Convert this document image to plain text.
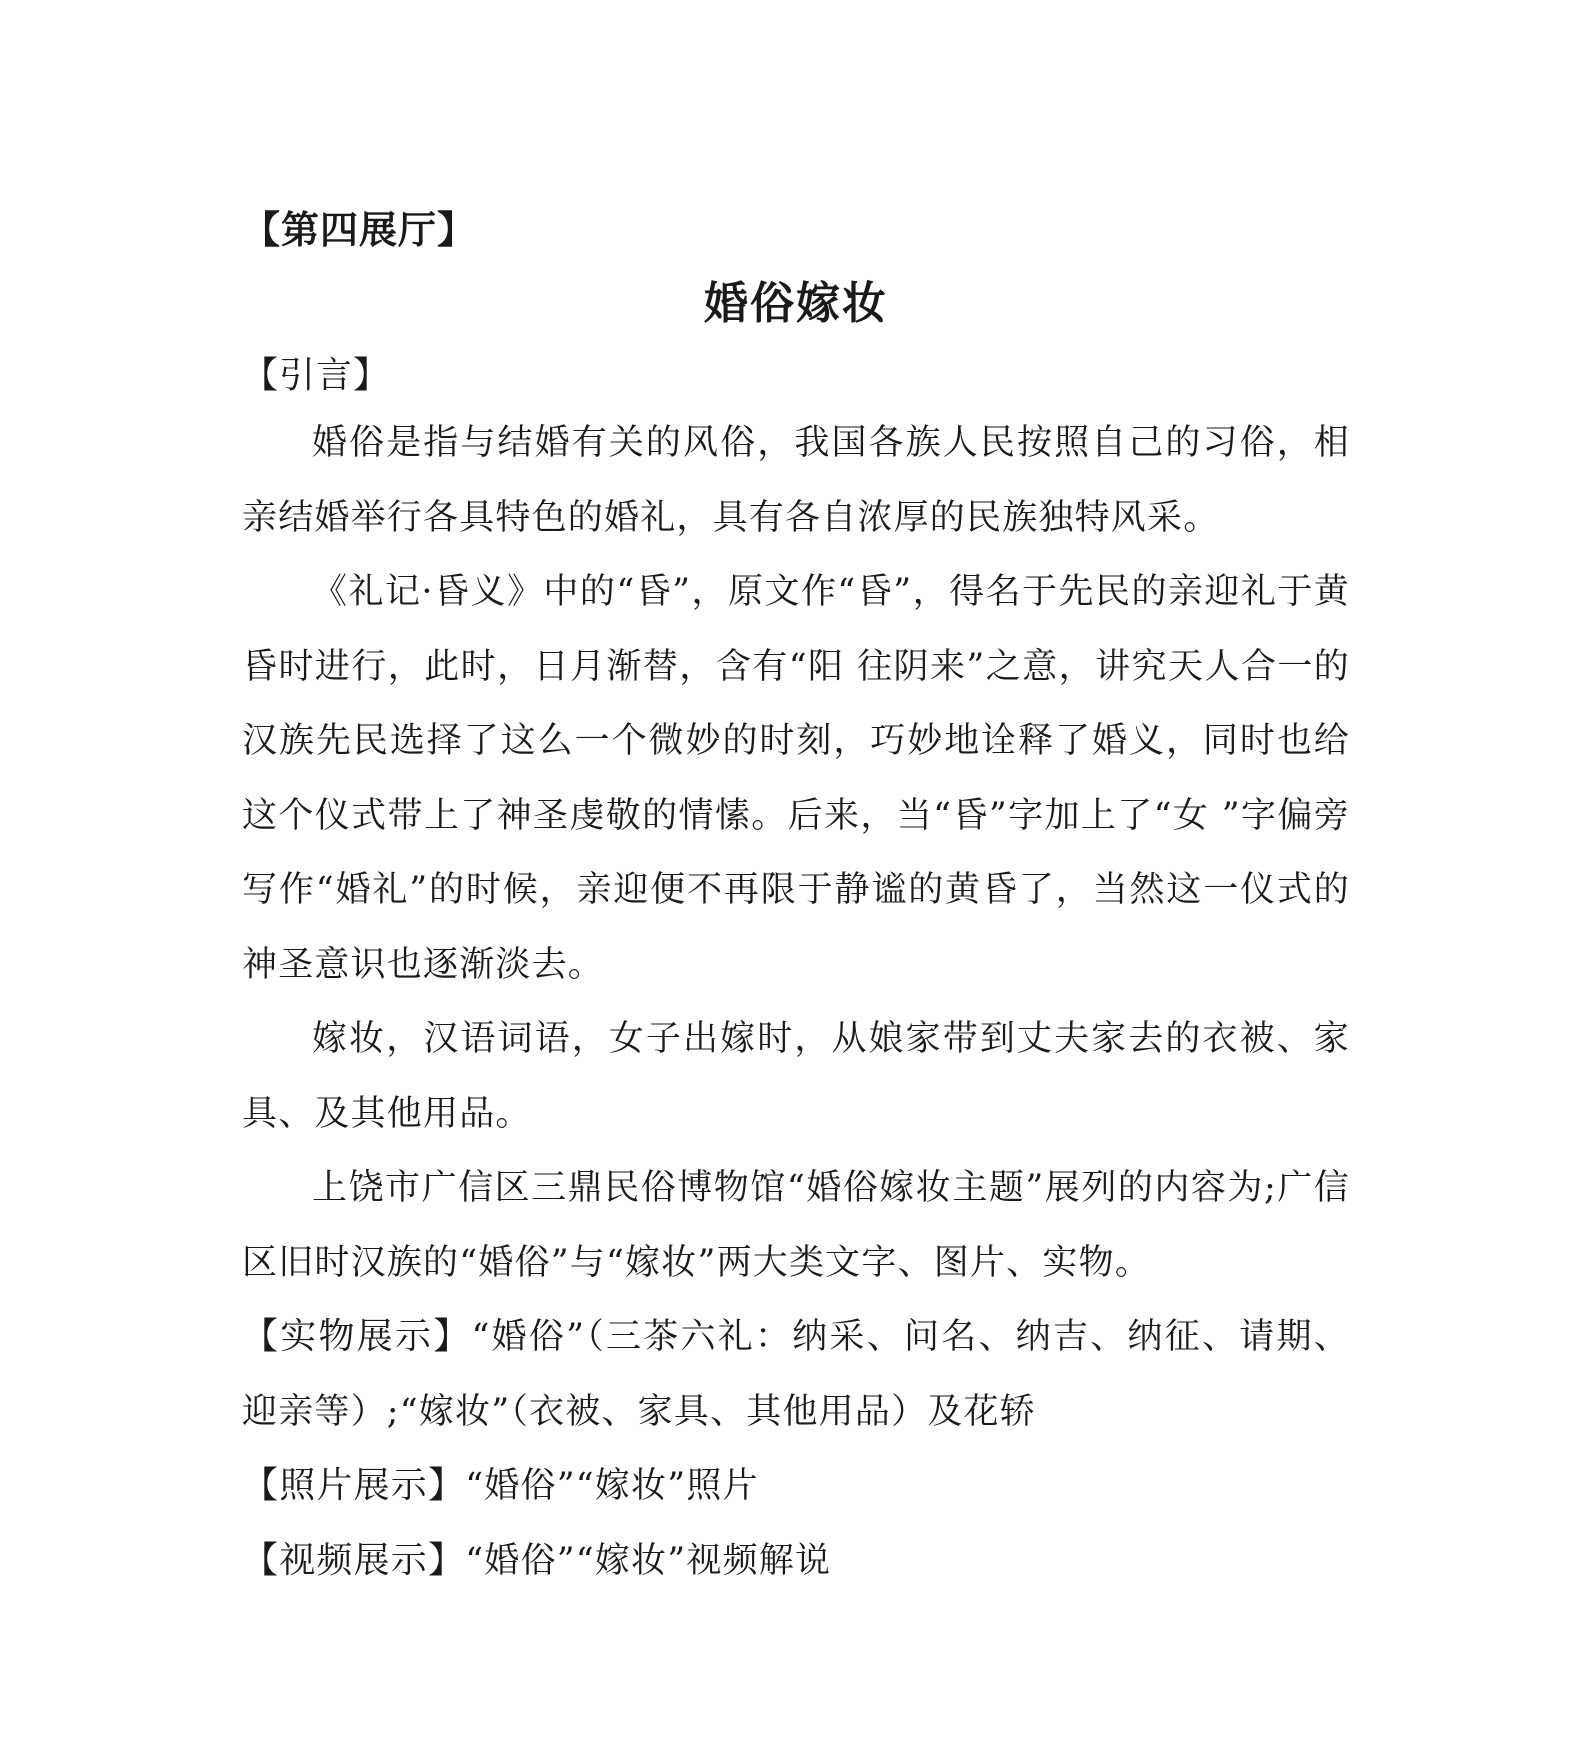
【第四展厅】
婚俗嫁妆
【引言】

婚俗是指与结婚有关的风俗，我国各族人民按照自己的习俗，相亲结婚举行各具特色的婚礼，具有各自浓厚的民族独特风采。

《礼记·昏义》中的“昏”，原文作“昏”，得名于先民的亲迎礼于黄昏时进行，此时，日月渐替，含有“阳 往阴来”之意，讲究天人合一的汉族先民选择了这么一个微妙的时刻，巧妙地诠释了婚义，同时也给这个仪式带上了神圣虔敬的情愫。后来，当“昏”字加上了“女 ”字偏旁写作“婚礼”的时候，亲迎便不再限于静谧的黄昏了，当然这一仪式的神圣意识也逐渐淡去。

嫁妆，汉语词语，女子出嫁时，从娘家带到丈夫家去的衣被、家具、及其他用品。

上饶市广信区三鼎民俗博物馆“婚俗嫁妆主题”展列的内容为;广信区旧时汉族的“婚俗”与“嫁妆”两大类文字、图片、实物。

【实物展示】“婚俗”（三茶六礼：纳采、问名、纳吉、纳征、请期、迎亲等）;“嫁妆”（衣被、家具、其他用品）及花轿

【照片展示】“婚俗”“嫁妆”照片

【视频展示】“婚俗”“嫁妆”视频解说
